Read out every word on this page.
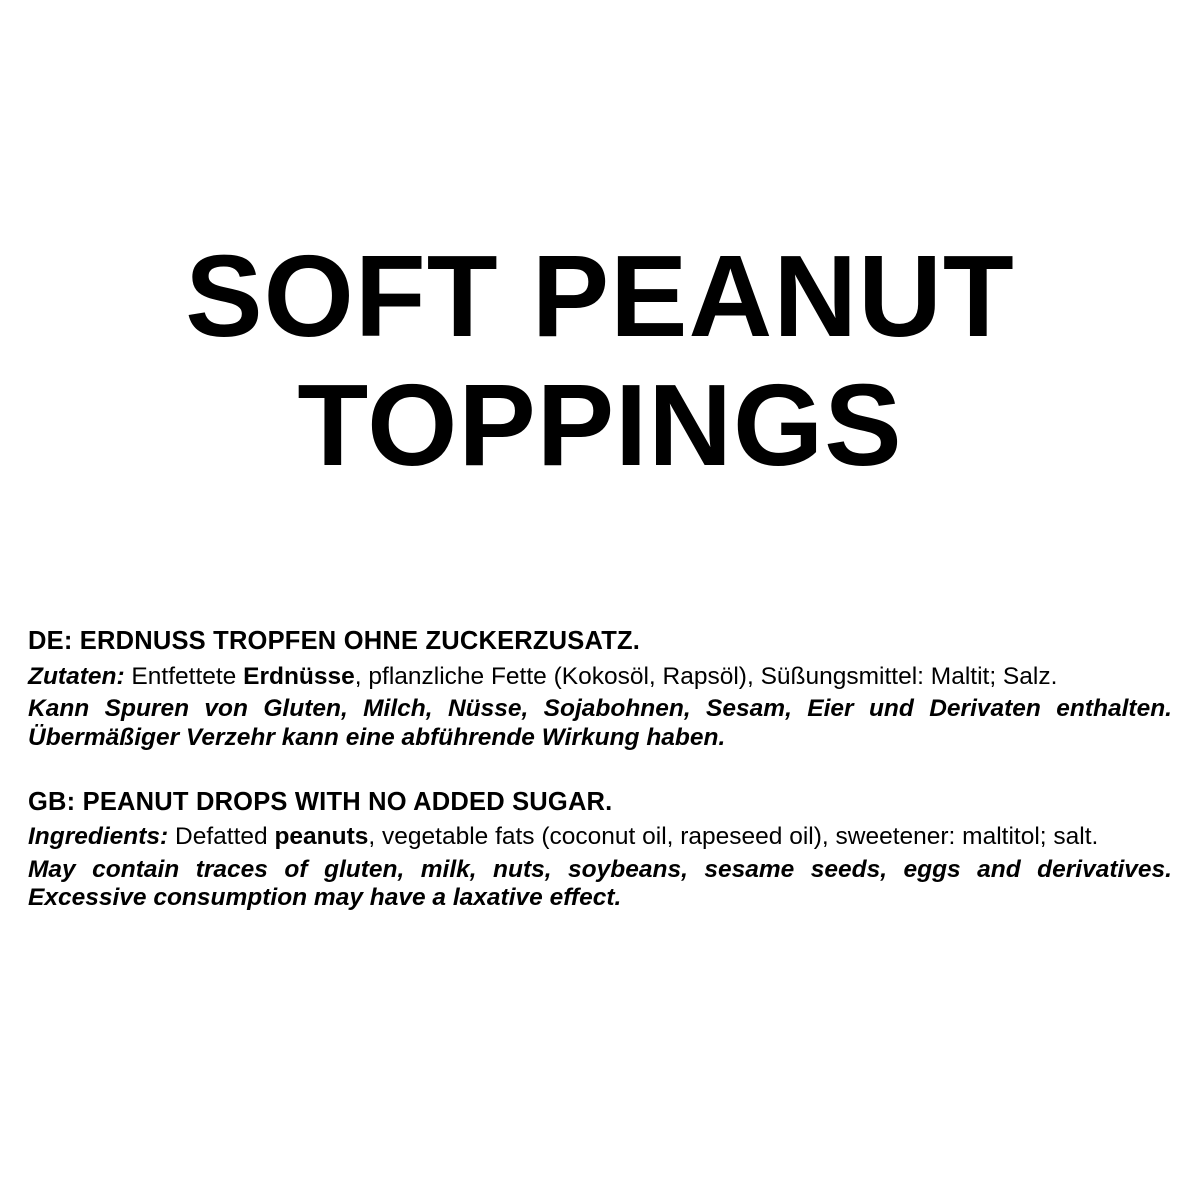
SOFT PEANUT
TOPPINGS
DE: ERDNUSS TROPFEN OHNE ZUCKERZUSATZ.
Zutaten: Entfettete Erdnüsse, pflanzliche Fette (Kokosöl, Rapsöl), Süßungsmittel: Maltit; Salz.
Kann Spuren von Gluten, Milch, Nüsse, Sojabohnen, Sesam, Eier und Derivaten enthalten. Übermäßiger Verzehr kann eine abführende Wirkung haben.
GB: PEANUT DROPS WITH NO ADDED SUGAR.
Ingredients: Defatted peanuts, vegetable fats (coconut oil, rapeseed oil), sweetener: maltitol; salt.
May contain traces of gluten, milk, nuts, soybeans, sesame seeds, eggs and derivatives. Excessive consumption may have a laxative effect.
